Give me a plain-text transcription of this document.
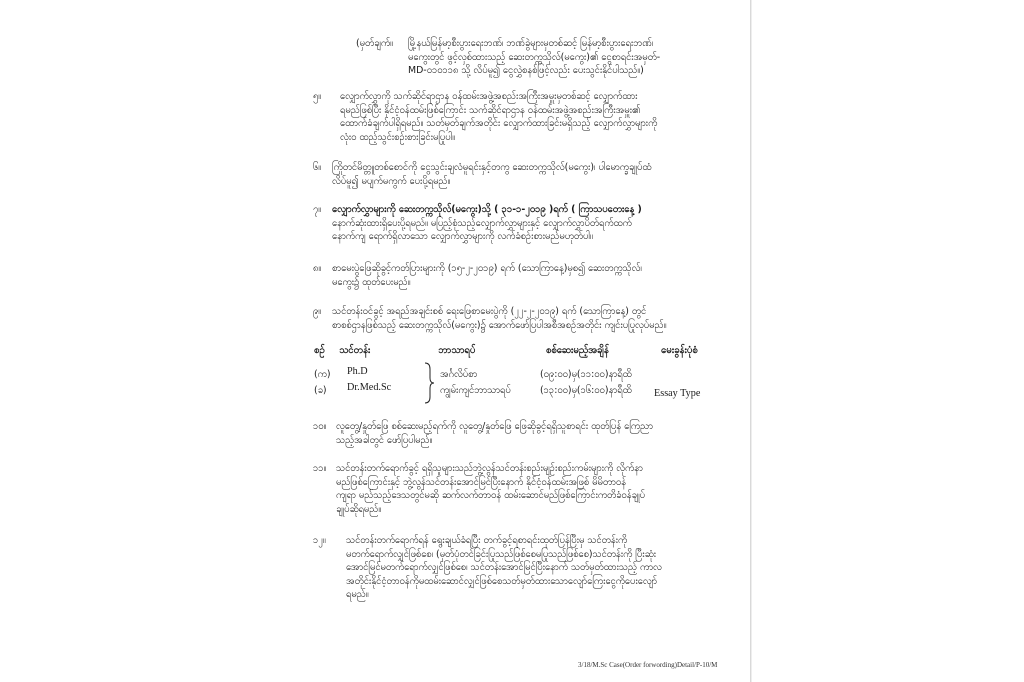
(မှတ်ချက်။ မြို့နယ်မြန်မာ့စီးပွားရေးဘဏ်၊ ဘဏ်ခွဲများမှတစ်ဆင့် မြန်မာ့စီးပွားရေးဘဏ်၊
မကွေးတွင် ဖွင့်လှစ်ထားသည့် ဆေးတက္ကသိုလ်(မကွေး)၏ ငွေစာရင်းအမှတ်-
MD-၀၁၀၁၁၈ သို့ လိပ်မူ၍ ငွေလွှဲစနစ်ဖြင့်လည်း ပေးသွင်းနိုင်ပါသည်။)
၅။ လျှောက်လွှာကို သက်ဆိုင်ရာဌာန ဝန်ထမ်းအဖွဲ့အစည်းအကြီးအမှူးမှတစ်ဆင့် လျှောက်ထား
ရမည်ဖြစ်ပြီး နိုင်ငံ့ဝန်ထမ်းဖြစ်ကြောင်း သက်ဆိုင်ရာဌာန ဝန်ထမ်းအဖွဲ့အစည်းအကြီးအမှူး၏
ထောက်ခံချက်ပါရှိရမည်။ သတ်မှတ်ချက်အတိုင်း လျှောက်ထားခြင်းမရှိသည့် လျှောက်လွှာများကို
လုံးဝ ထည့်သွင်းစဉ်းစားခြင်းမပြုပါ။
၆။ ကြိုတင်မိတ္တူတစ်စောင်ကို ငွေသွင်းချလံမူရင်းနှင့်တကွ ဆေးတက္ကသိုလ်(မကွေး)၊ ပါမောက္ခချုပ်ထံ
လိပ်မူ၍ မပျက်မကွက် ပေးပို့ရမည်။
၇။ လျှောက်လွှာများကို ဆေးတက္ကသိုလ်(မကွေး)သို့ ( ၃၁-၁-၂၀၁၉ )ရက် ( ကြာသပတေးနေ့ )
နောက်ဆုံးထားရှိပေးပို့ရမည်။ မပြည့်စုံသည့်လျှောက်လွှာများနှင့် လျှောက်လွှာပိတ်ရက်ထက်
နောက်ကျ ရောက်ရှိလာသော လျှောက်လွှာများကို လက်ခံစဉ်းစားမည်မဟုတ်ပါ။
၈။ စာမေးပွဲဖြေဆိုခွင့်ကတ်ပြားများကို (၁၅-၂-၂၀၁၉) ရက် (သောကြာနေ့)မှစ၍ ဆေးတက္ကသိုလ်၊
မကွေး၌ ထုတ်ပေးမည်။
၉။ သင်တန်းဝင်ခွင့် အရည်အချင်းစစ် ရေးဖြေစာမေးပွဲကို (၂၂-၂-၂၀၁၉) ရက် (သောကြာနေ့) တွင်
စာစစ်ဌာနဖြစ်သည့် ဆေးတက္ကသိုလ်(မကွေး)၌ အောက်ဖော်ပြပါအစီအစဉ်အတိုင်း ကျင်းပပြုလုပ်မည်။
စဉ် သင်တန်း	ဘာသာရပ်	စစ်ဆေးမည့်အချိန်	မေးခွန်းပုံစံ
(က) Ph.D	အင်္ဂလိပ်စာ	(၀၉:၀၀)မှ(၁၁:၀၀)နာရီထိ
(ခ) Dr.Med.Sc	ကျွမ်းကျင်ဘာသာရပ်	(၁၃:၀၀)မှ(၁၆:၀၀)နာရီထိ Essay Type
၁၀။ လူတွေ့/နှုတ်ဖြေ စစ်ဆေးမည့်ရက်ကို လူတွေ့/နှုတ်ဖြေ ဖြေဆိုခွင့်ရရှိသူစာရင်း ထုတ်ပြန် ကြေညာ
သည့်အခါတွင် ဖော်ပြပါမည်။
၁၁။ သင်တန်းတက်ရောက်ခွင့် ရရှိသူများသည်ဘွဲ့လွန်သင်တန်းစည်းမျဉ်းစည်းကမ်းများကို လိုက်နာ
မည်ဖြစ်ကြောင်းနှင့် ဘွဲ့လွန်သင်တန်းအောင်မြင်ပြီးနောက် နိုင်ငံ့ဝန်ထမ်းအဖြစ် မိမိတာဝန်
ကျရာ မည်သည့်ဒေသတွင်မဆို ဆက်လက်တာဝန် ထမ်းဆောင်မည်ဖြစ်ကြောင်းကတိခံဝန်ချုပ်
ချုပ်ဆိုရမည်။
၁၂။ သင်တန်းတက်ရောက်ရန် ရွေးချယ်ခံရပြီး တက်ခွင့်ရစာရင်းထုတ်ပြန်ပြီးမှ သင်တန်းကို
မတက်ရောက်လျှင်ဖြစ်စေ၊ (မှတ်ပုံတင်ခြင်းပြုသည်ဖြစ်စေမပြုသည်ဖြစ်စေ)သင်တန်းကို ပြီးဆုံး
အောင်မြင်မတက်ရောက်လျှင်ဖြစ်စေ၊ သင်တန်းအောင်မြင်ပြီးနောက် သတ်မှတ်ထားသည့် ကာလ
အတိုင်းနိုင်ငံ့တာဝန်ကိုမထမ်းဆောင်လျှင်ဖြစ်စေသတ်မှတ်ထားသောလျော်ကြေးငွေကိုပေးလျော်
ရမည်။
3/18/M.Sc Case(Order forwording)Detail/P-10/M
